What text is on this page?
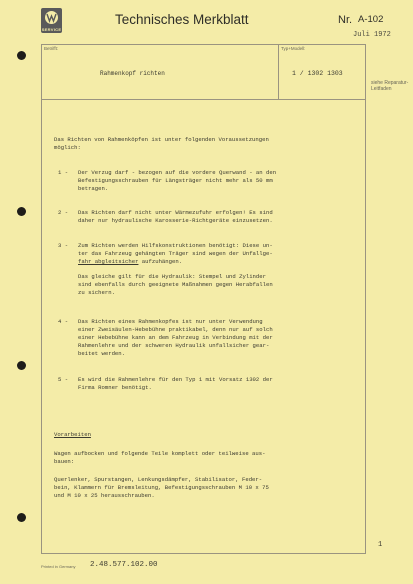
SERVICE
Technisches Merkblatt	Nr. A-102
Juli 1972
Betrifft:	Typ+Modell:
Rahmenkopf richten	1 / 1302 1303
siehe Reparatur-Leitfaden
Das Richten von Rahmenköpfen ist unter folgenden Voraussetzungen
möglich:
1 - Der Verzug darf - bezogen auf die vordere Querwand - an den
Befestigungsschrauben für Längsträger nicht mehr als 50 mm
betragen.
2 - Das Richten darf nicht unter Wärmezufuhr erfolgen! Es sind
daher nur hydraulische Karosserie-Richtgeräte einzusetzen.
3 - Zum Richten werden Hilfskonstruktionen benötigt: Diese un-
ter das Fahrzeug gehängten Träger sind wegen der Unfallge-
fahr abgleitsicher aufzuhängen.
Das gleiche gilt für die Hydraulik: Stempel und Zylinder
sind ebenfalls durch geeignete Maßnahmen gegen Herabfallen
zu sichern.
4 - Das Richten eines Rahmenkopfes ist nur unter Verwendung
einer Zweisäulen-Hebebühne praktikabel, denn nur auf solch
einer Hebebühne kann an dem Fahrzeug in Verbindung mit der
Rahmenlehre und der schweren Hydraulik unfallsicher gear-
beitet werden.
5 - Es wird die Rahmenlehre für den Typ 1 mit Vorsatz 1302 der
Firma Romner benötigt.
Vorarbeiten
Wagen aufbocken und folgende Teile komplett oder teilweise aus-
bauen:
Querlenker, Spurstangen, Lenkungsdämpfer, Stabilisator, Feder-
bein, Klammern für Bremsleitung, Befestigungsschrauben M 10 x 75
und M 10 x 25 herausschrauben.
1
Printed in Germany 2.48.577.102.00
